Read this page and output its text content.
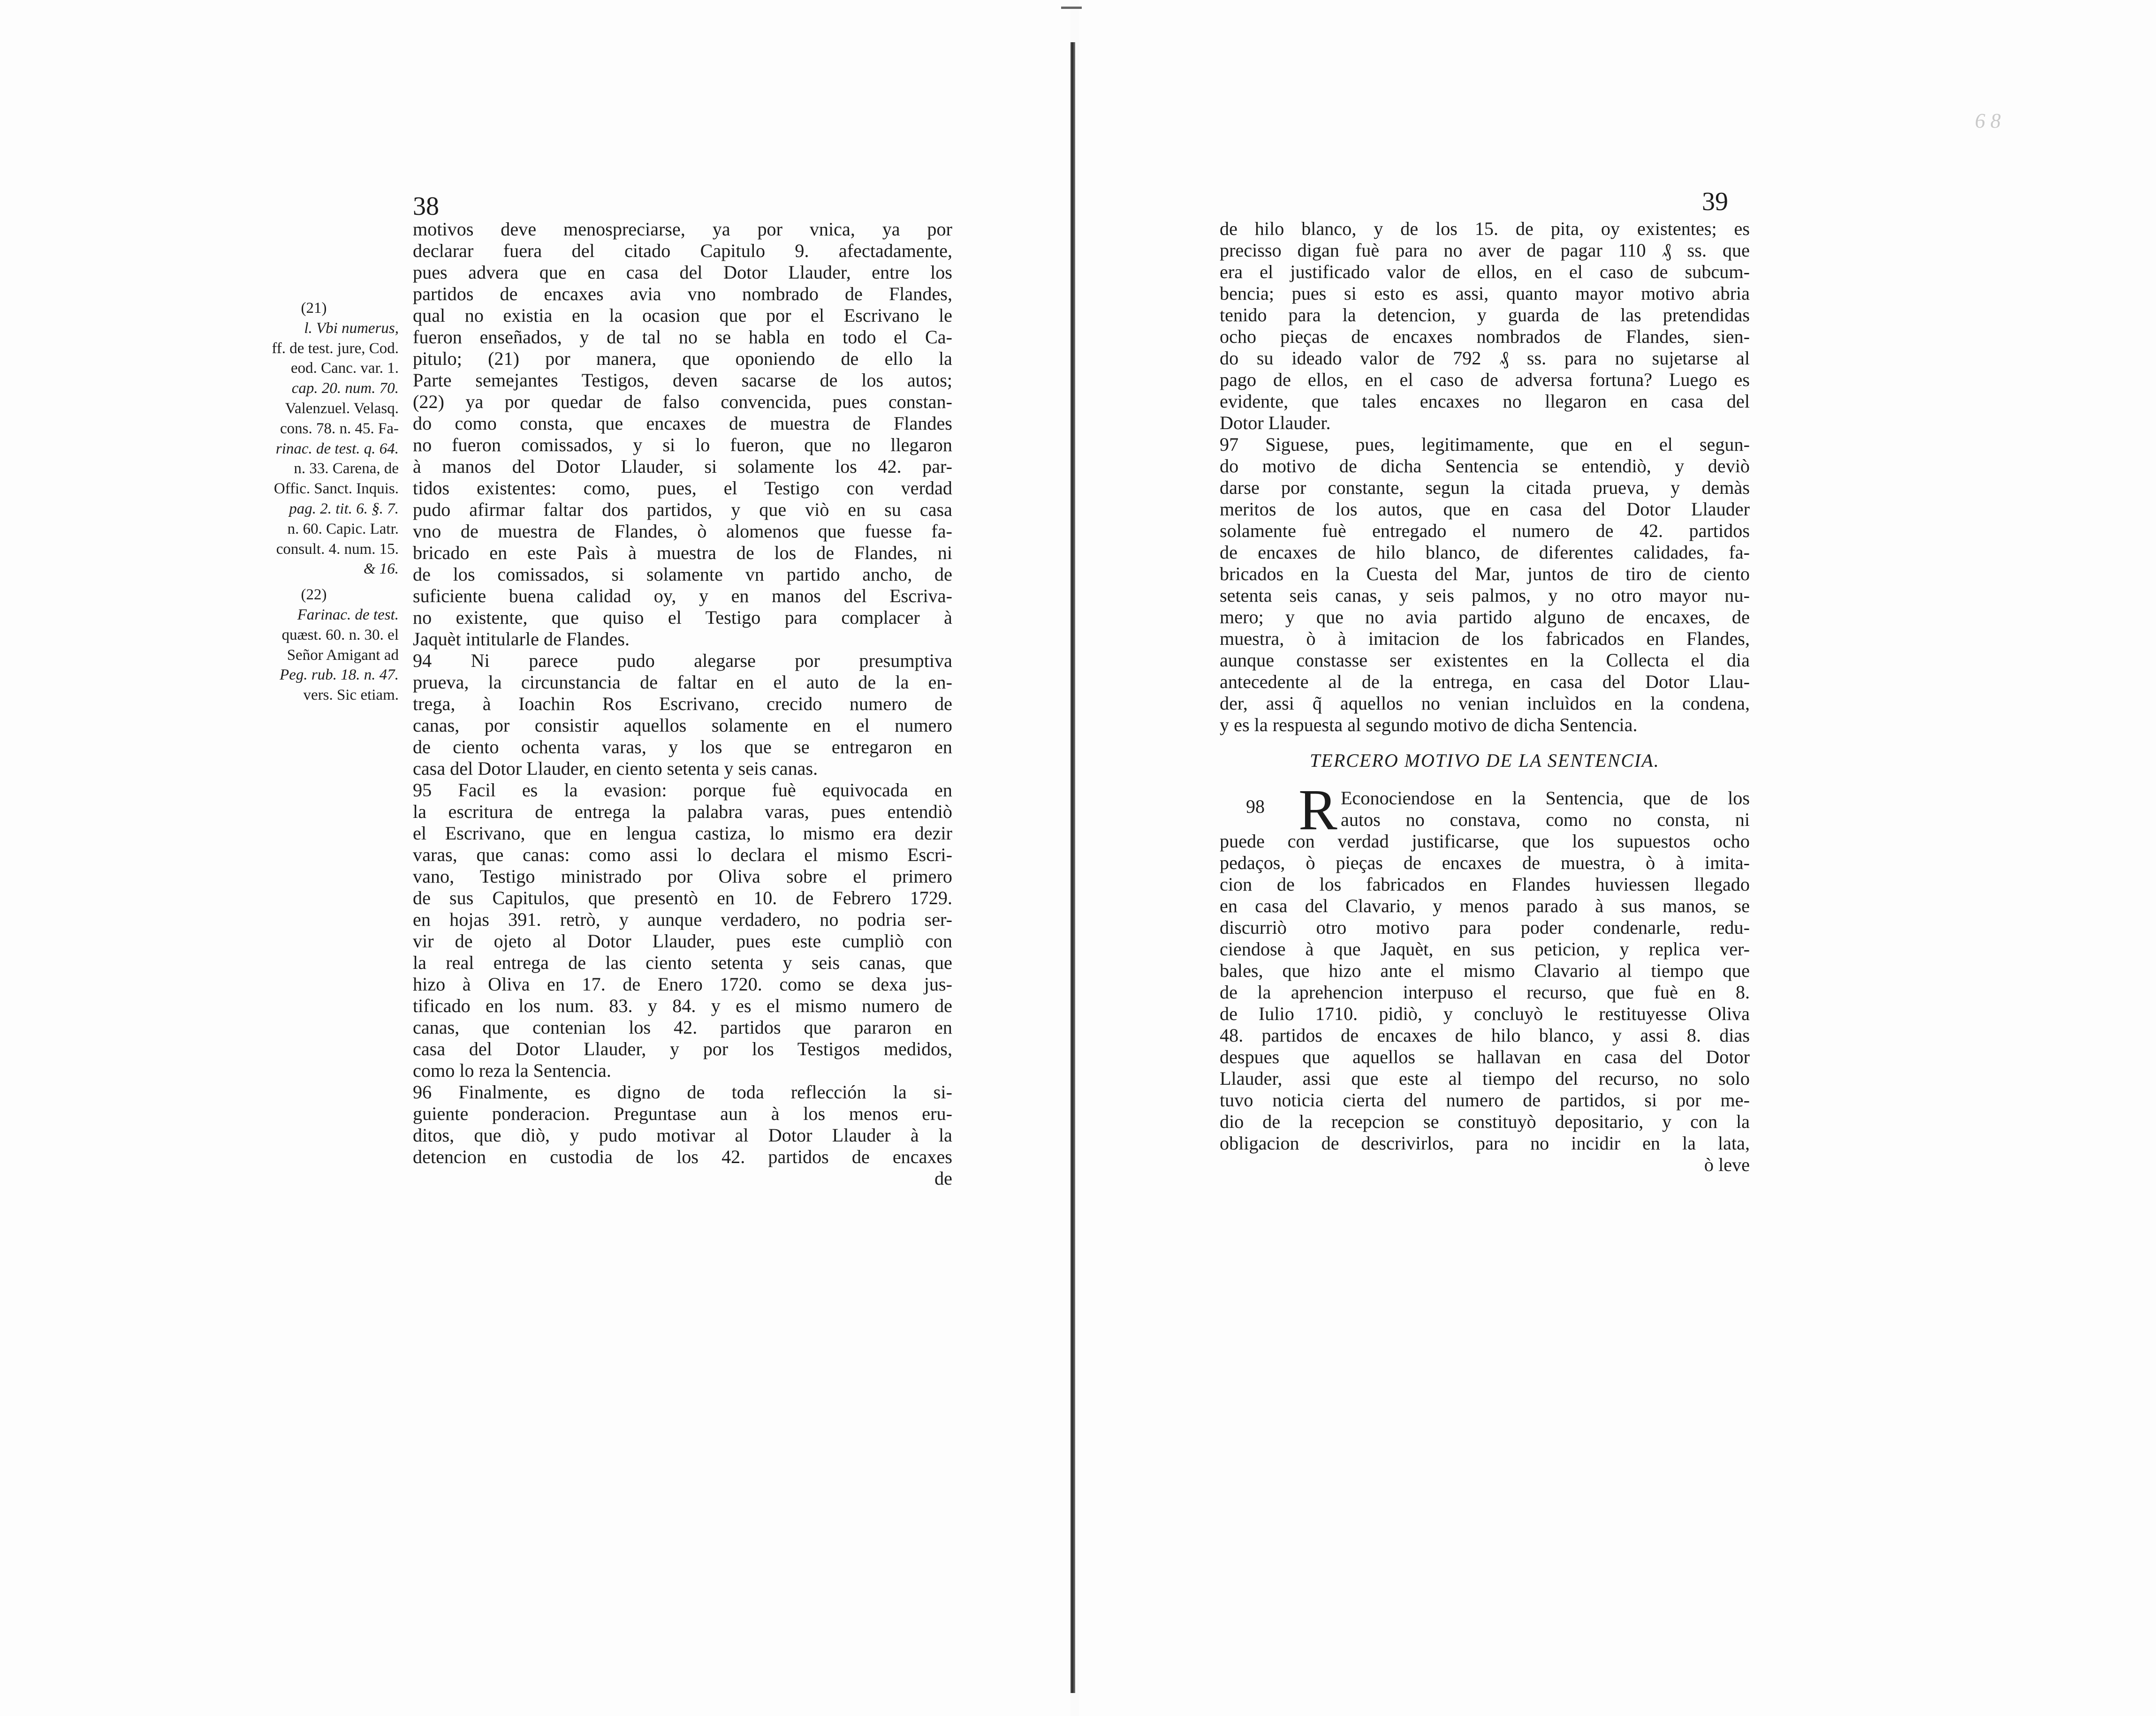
6 8
38	39
(21)
l. Vbi numerus,
ff. de test. jure, Cod.
eod. Canc. var. 1.
cap. 20. num. 70.
Valenzuel. Velasq.
cons. 78. n. 45. Fa-
rinac. de test. q. 64.
n. 33. Carena, de
Offic. Sanct. Inquis.
pag. 2. tit. 6. §. 7.
n. 60. Capic. Latr.
consult. 4. num. 15.
& 16.
(22)
Farinac. de test.
quæst. 60. n. 30. el
Señor Amigant ad
Peg. rub. 18. n. 47.
vers. Sic etiam.
motivos deve menospreciarse, ya por vnica, ya por
declarar fuera del citado Capitulo 9. afectadamente,
pues advera que en casa del Dotor Llauder, entre los
partidos de encaxes avia vno nombrado de Flandes,
qual no existia en la ocasion que por el Escrivano le
fueron enseñados, y de tal no se habla en todo el Ca-
pitulo; (21) por manera, que oponiendo de ello la
Parte semejantes Testigos, deven sacarse de los autos;
(22) ya por quedar de falso convencida, pues constan-
do como consta, que encaxes de muestra de Flandes
no fueron comissados, y si lo fueron, que no llegaron
à manos del Dotor Llauder, si solamente los 42. par-
tidos existentes: como, pues, el Testigo con verdad
pudo afirmar faltar dos partidos, y que viò en su casa
vno de muestra de Flandes, ò alomenos que fuesse fa-
bricado en este Paìs à muestra de los de Flandes, ni
de los comissados, si solamente vn partido ancho, de
suficiente buena calidad oy, y en manos del Escriva-
no existente, que quiso el Testigo para complacer à
Jaquèt intitularle de Flandes.
94 Ni parece pudo alegarse por presumptiva
prueva, la circunstancia de faltar en el auto de la en-
trega, à Ioachin Ros Escrivano, crecido numero de
canas, por consistir aquellos solamente en el numero
de ciento ochenta varas, y los que se entregaron en
casa del Dotor Llauder, en ciento setenta y seis canas.
95 Facil es la evasion: porque fuè equivocada en
la escritura de entrega la palabra varas, pues entendiò
el Escrivano, que en lengua castiza, lo mismo era dezir
varas, que canas: como assi lo declara el mismo Escri-
vano, Testigo ministrado por Oliva sobre el primero
de sus Capitulos, que presentò en 10. de Febrero 1729.
en hojas 391. retrò, y aunque verdadero, no podria ser-
vir de ojeto al Dotor Llauder, pues este cumpliò con
la real entrega de las ciento setenta y seis canas, que
hizo à Oliva en 17. de Enero 1720. como se dexa jus-
tificado en los num. 83. y 84. y es el mismo numero de
canas, que contenian los 42. partidos que pararon en
casa del Dotor Llauder, y por los Testigos medidos,
como lo reza la Sentencia.
96 Finalmente, es digno de toda reflección la si-
guiente ponderacion. Preguntase aun à los menos eru-
ditos, que diò, y pudo motivar al Dotor Llauder à la
detencion en custodia de los 42. partidos de encaxes
de
de hilo blanco, y de los 15. de pita, oy existentes; es
precisso digan fuè para no aver de pagar 110 ₰ ss. que
era el justificado valor de ellos, en el caso de subcum-
bencia; pues si esto es assi, quanto mayor motivo abria
tenido para la detencion, y guarda de las pretendidas
ocho pieças de encaxes nombrados de Flandes, sien-
do su ideado valor de 792 ₰ ss. para no sujetarse al
pago de ellos, en el caso de adversa fortuna? Luego es
evidente, que tales encaxes no llegaron en casa del
Dotor Llauder.
97 Siguese, pues, legitimamente, que en el segun-
do motivo de dicha Sentencia se entendiò, y deviò
darse por constante, segun la citada prueva, y demàs
meritos de los autos, que en casa del Dotor Llauder
solamente fuè entregado el numero de 42. partidos
de encaxes de hilo blanco, de diferentes calidades, fa-
bricados en la Cuesta del Mar, juntos de tiro de ciento
setenta seis canas, y seis palmos, y no otro mayor nu-
mero; y que no avia partido alguno de encaxes, de
muestra, ò à imitacion de los fabricados en Flandes,
aunque constasse ser existentes en la Collecta el dia
antecedente al de la entrega, en casa del Dotor Llau-
der, assi q̃ aquellos no venian incluìdos en la condena,
y es la respuesta al segundo motivo de dicha Sentencia.
TERCERO MOTIVO DE LA SENTENCIA.
98 R Econociendose en la Sentencia, que de los
autos no constava, como no consta, ni
puede con verdad justificarse, que los supuestos ocho
pedaços, ò pieças de encaxes de muestra, ò à imita-
cion de los fabricados en Flandes huviessen llegado
en casa del Clavario, y menos parado à sus manos, se
discurriò otro motivo para poder condenarle, redu-
ciendose à que Jaquèt, en sus peticion, y replica ver-
bales, que hizo ante el mismo Clavario al tiempo que
de la aprehencion interpuso el recurso, que fuè en 8.
de Iulio 1710. pidiò, y concluyò le restituyesse Oliva
48. partidos de encaxes de hilo blanco, y assi 8. dias
despues que aquellos se hallavan en casa del Dotor
Llauder, assi que este al tiempo del recurso, no solo
tuvo noticia cierta del numero de partidos, si por me-
dio de la recepcion se constituyò depositario, y con la
obligacion de descrivirlos, para no incidir en la lata,
ò leve
